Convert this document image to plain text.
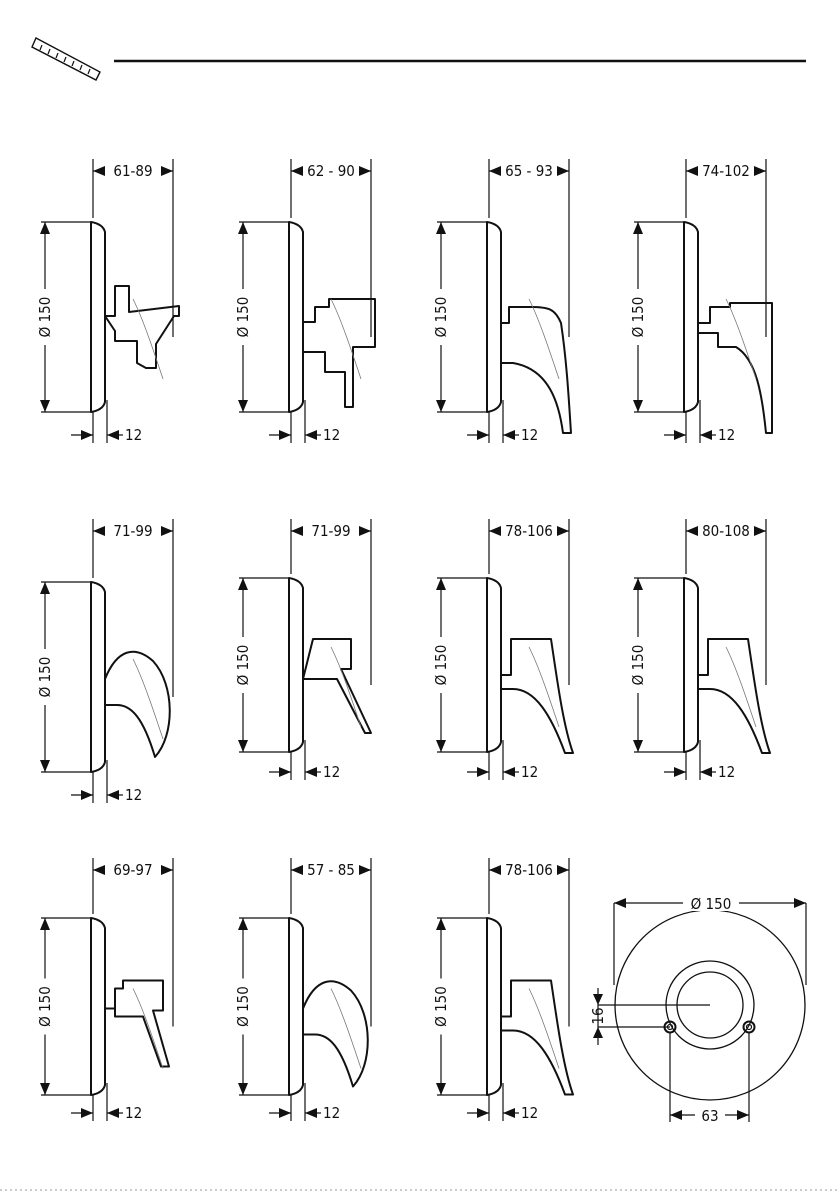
Ø 150
61-89
12
Ø 150
62 - 90
12
Ø 150
65 - 93
12
Ø 150
74-102
12
Ø 150
71-99
12
Ø 150
71-99
12
Ø 150
78-106
12
Ø 150
80-108
12
Ø 150
69-97
12
Ø 150
57 - 85
12
Ø 150
78-106
12
Ø 150
16
63
